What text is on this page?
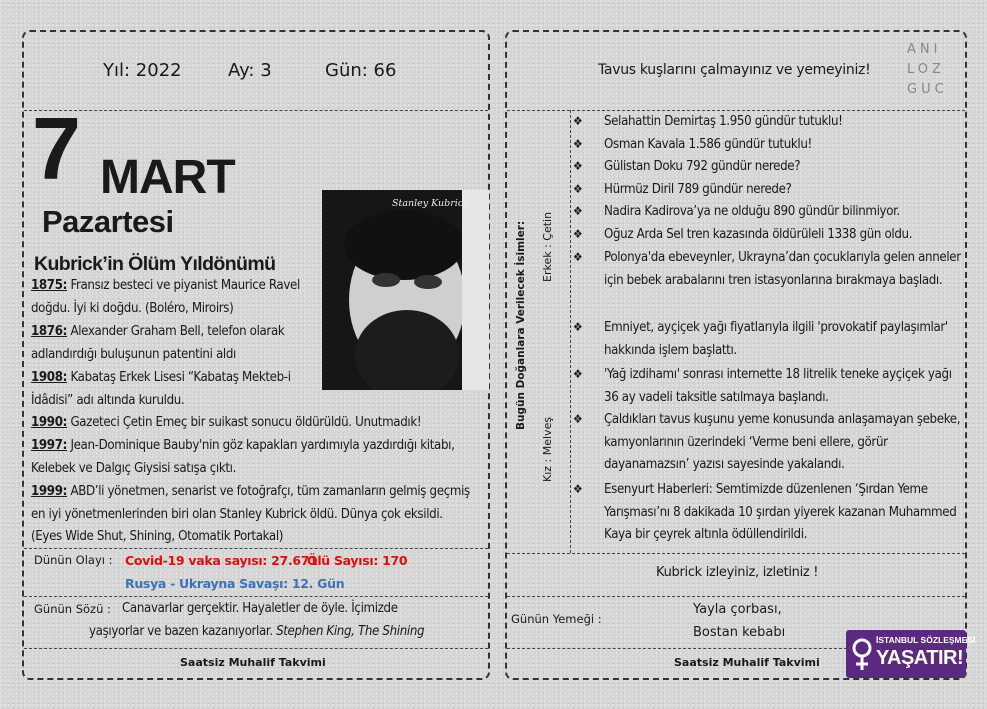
Yıl: 2022	Ay: 3	Gün: 66
7 MART
Pazartesi
Kubrick’in Ölüm Yıldönümü
Stanley Kubrick
1875: Fransız besteci ve piyanist Maurice Ravel doğdu. İyi ki doğdu. (Boléro, Miroirs)
1876: Alexander Graham Bell, telefon olarak adlandırdığı buluşunun patentini aldı
1908: Kabataş Erkek Lisesi “Kabataş Mekteb-i İdâdisi” adı altında kuruldu.
1990: Gazeteci Çetin Emeç bir suikast sonucu öldürüldü. Unutmadık!
1997: Jean-Dominique Bauby'nin göz kapakları yardımıyla yazdırdığı kitabı, Kelebek ve Dalgıç Giysisi satışa çıktı.
1999: ABD’li yönetmen, senarist ve fotoğrafçı, tüm zamanların gelmiş geçmiş en iyi yönetmenlerinden biri olan Stanley Kubrick öldü. Dünya çok eksildi. (Eyes Wide Shut, Shining, Otomatik Portakal)
Dünün Olayı : Covid-19 vaka sayısı: 27.671
Ölü Sayısı: 170
Rusya - Ukrayna Savaşı: 12. Gün
Günün Sözü : Canavarlar gerçektir. Hayaletler de öyle. İçimizde
yaşıyorlar ve bazen kazanıyorlar. Stephen King, The Shining
Saatsiz Muhalif Takvimi
Tavus kuşlarını çalmayınız ve yemeyiniz!
ANI
LOZ
GUC
Bugün Doğanlara Verilecek İsimler: Erkek : Çetin
Kız : Melveş
❖ Selahattin Demirtaş 1.950 gündür tutuklu!
❖ Osman Kavala 1.586 gündür tutuklu!
❖ Gülistan Doku 792 gündür nerede?
❖ Hürmüz Diril 789 gündür nerede?
❖ Nadira Kadirova’ya ne olduğu 890 gündür bilinmiyor.
❖ Oğuz Arda Sel tren kazasında öldürüleli 1338 gün oldu.
❖ Polonya'da ebeveynler, Ukrayna’dan çocuklarıyla gelen anneler için bebek arabalarını tren istasyonlarına bırakmaya başladı.
❖ Emniyet, ayçiçek yağı fiyatlarıyla ilgili 'provokatif paylaşımlar' hakkında işlem başlattı.
❖ 'Yağ izdihamı' sonrası internette 18 litrelik teneke ayçiçek yağı 36 ay vadeli taksitle satılmaya başlandı.
❖ Çaldıkları tavus kuşunu yeme konusunda anlaşamayan şebeke, kamyonlarının üzerindeki ‘Verme beni ellere, görür dayanamazsın’ yazısı sayesinde yakalandı.
❖ Esenyurt Haberleri: Semtimizde düzenlenen ‘Şırdan Yeme Yarışması’nı 8 dakikada 10 şırdan yiyerek kazanan Muhammed Kaya bir çeyrek altınla ödüllendirildi.
Kubrick izleyiniz, izletiniz !
Günün Yemeği :
Yayla çorbası,
Bostan kebabı
Saatsiz Muhalif Takvimi
İSTANBUL SÖZLEŞMESİ
YAŞATIR!
